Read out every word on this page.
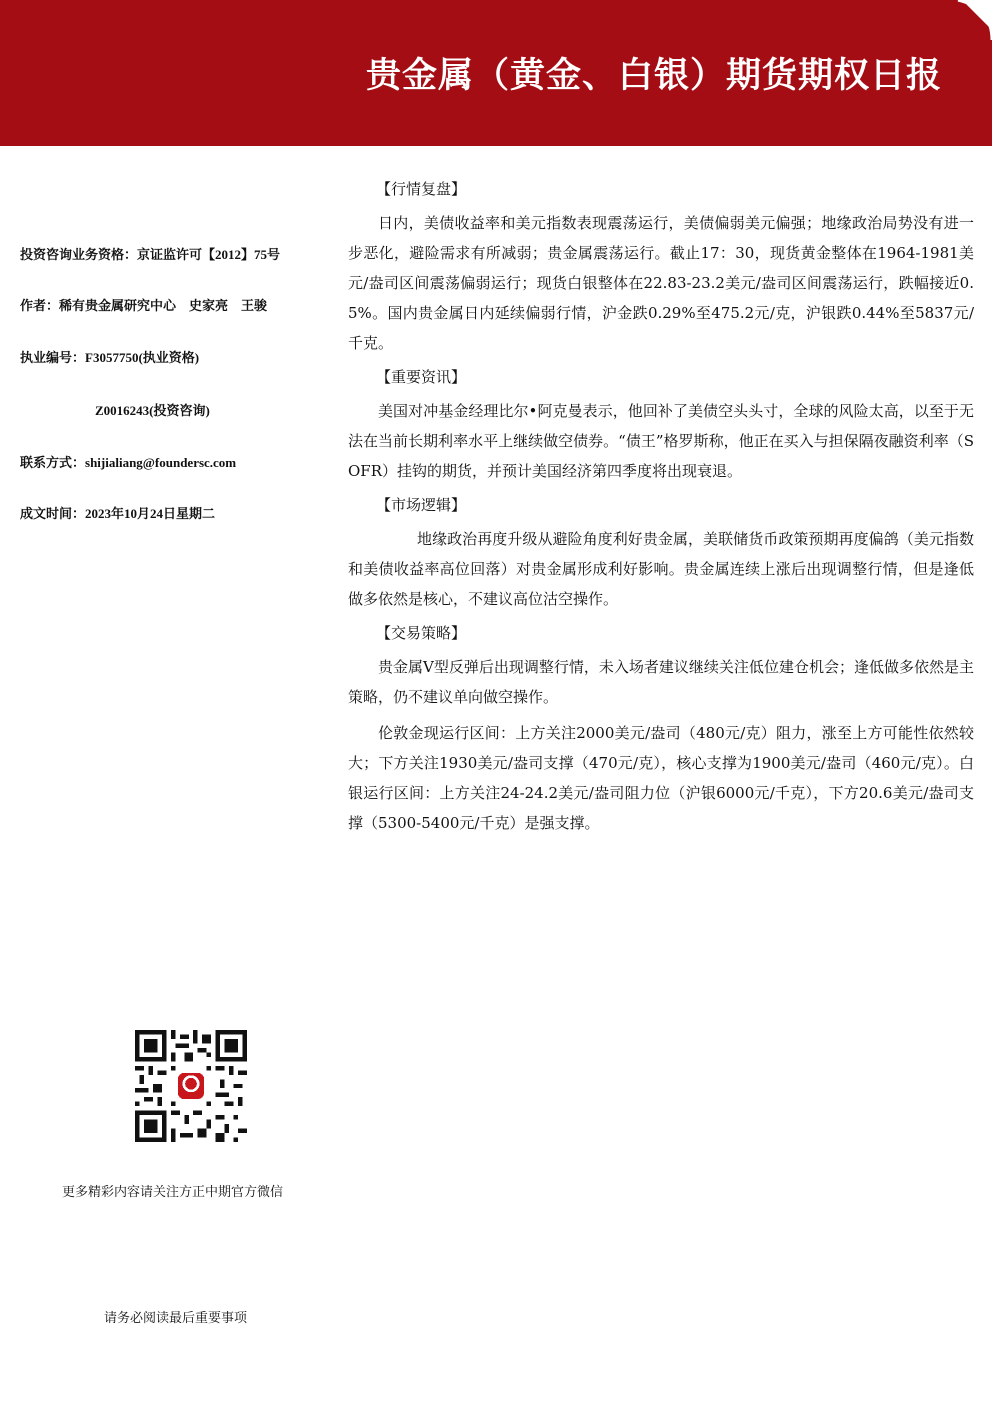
贵金属（黄金、白银）期货期权日报
投资咨询业务资格：京证监许可【2012】75号
作者：稀有贵金属研究中心　史家亮　王骏
执业编号：F3057750(执业资格)
Z0016243(投资咨询)
联系方式：shijialiang@foundersc.com
成文时间：2023年10月24日星期二
更多精彩内容请关注方正中期官方微信
请务必阅读最后重要事项
【行情复盘】

日内，美债收益率和美元指数表现震荡运行，美债偏弱美元偏强；地缘政治局势没有进一步恶化，避险需求有所减弱；贵金属震荡运行。截止17：30，现货黄金整体在1964-1981美元/盎司区间震荡偏弱运行；现货白银整体在22.83-23.2美元/盎司区间震荡运行，跌幅接近0.5%。国内贵金属日内延续偏弱行情，沪金跌0.29%至475.2元/克，沪银跌0.44%至5837元/千克。

【重要资讯】

美国对冲基金经理比尔•阿克曼表示，他回补了美债空头头寸，全球的风险太高，以至于无法在当前长期利率水平上继续做空债券。“债王”格罗斯称，他正在买入与担保隔夜融资利率（SOFR）挂钩的期货，并预计美国经济第四季度将出现衰退。

【市场逻辑】

地缘政治再度升级从避险角度利好贵金属，美联储货币政策预期再度偏鸽（美元指数和美债收益率高位回落）对贵金属形成利好影响。贵金属连续上涨后出现调整行情，但是逢低做多依然是核心，不建议高位沽空操作。

【交易策略】

贵金属V型反弹后出现调整行情，未入场者建议继续关注低位建仓机会；逢低做多依然是主策略，仍不建议单向做空操作。

伦敦金现运行区间：上方关注2000美元/盎司（480元/克）阻力，涨至上方可能性依然较大；下方关注1930美元/盎司支撑（470元/克），核心支撑为1900美元/盎司（460元/克）。白银运行区间：上方关注24-24.2美元/盎司阻力位（沪银6000元/千克），下方20.6美元/盎司支撑（5300-5400元/千克）是强支撑。
